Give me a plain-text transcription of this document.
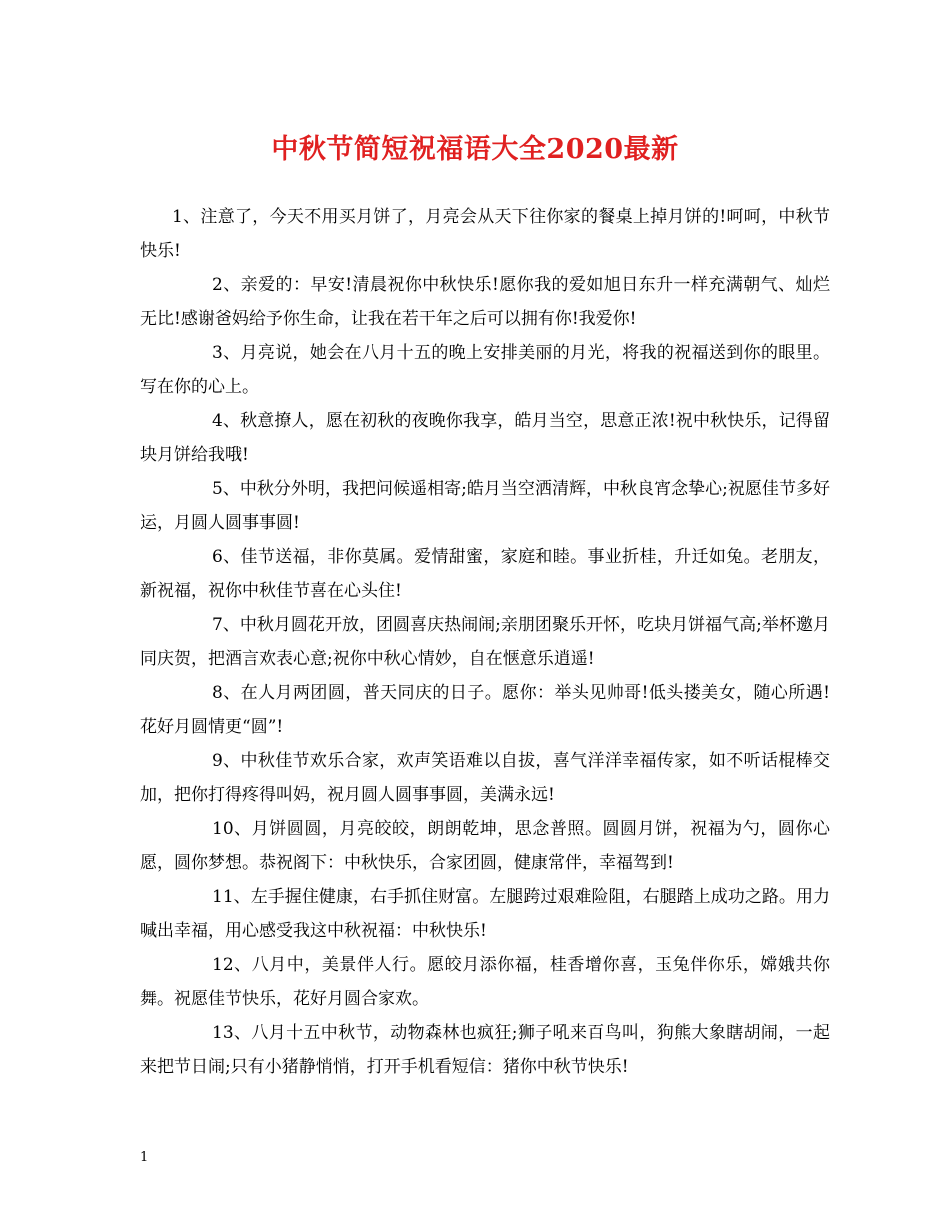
中秋节简短祝福语大全2020最新

1、注意了，今天不用买月饼了，月亮会从天下往你家的餐桌上掉月饼的!呵呵，中秋节快乐!

2、亲爱的：早安!清晨祝你中秋快乐!愿你我的爱如旭日东升一样充满朝气、灿烂无比!感谢爸妈给予你生命，让我在若干年之后可以拥有你!我爱你!

3、月亮说，她会在八月十五的晚上安排美丽的月光，将我的祝福送到你的眼里。写在你的心上。

4、秋意撩人，愿在初秋的夜晚你我享，皓月当空，思意正浓!祝中秋快乐，记得留块月饼给我哦!

5、中秋分外明，我把问候遥相寄;皓月当空洒清辉，中秋良宵念挚心;祝愿佳节多好运，月圆人圆事事圆!

6、佳节送福，非你莫属。爱情甜蜜，家庭和睦。事业折桂，升迁如兔。老朋友，新祝福，祝你中秋佳节喜在心头住!

7、中秋月圆花开放，团圆喜庆热闹闹;亲朋团聚乐开怀，吃块月饼福气高;举杯邀月同庆贺，把酒言欢表心意;祝你中秋心情妙，自在惬意乐逍遥!

8、在人月两团圆，普天同庆的日子。愿你：举头见帅哥!低头搂美女，随心所遇!花好月圆情更“圆”!

9、中秋佳节欢乐合家，欢声笑语难以自拔，喜气洋洋幸福传家，如不听话棍棒交加，把你打得疼得叫妈，祝月圆人圆事事圆，美满永远!

10、月饼圆圆，月亮皎皎，朗朗乾坤，思念普照。圆圆月饼，祝福为勺，圆你心愿，圆你梦想。恭祝阁下：中秋快乐，合家团圆，健康常伴，幸福驾到!

11、左手握住健康，右手抓住财富。左腿跨过艰难险阻，右腿踏上成功之路。用力喊出幸福，用心感受我这中秋祝福：中秋快乐!

12、八月中，美景伴人行。愿皎月添你福，桂香增你喜，玉兔伴你乐，嫦娥共你舞。祝愿佳节快乐，花好月圆合家欢。

13、八月十五中秋节，动物森林也疯狂;狮子吼来百鸟叫，狗熊大象瞎胡闹，一起来把节日闹;只有小猪静悄悄，打开手机看短信：猪你中秋节快乐!

1
